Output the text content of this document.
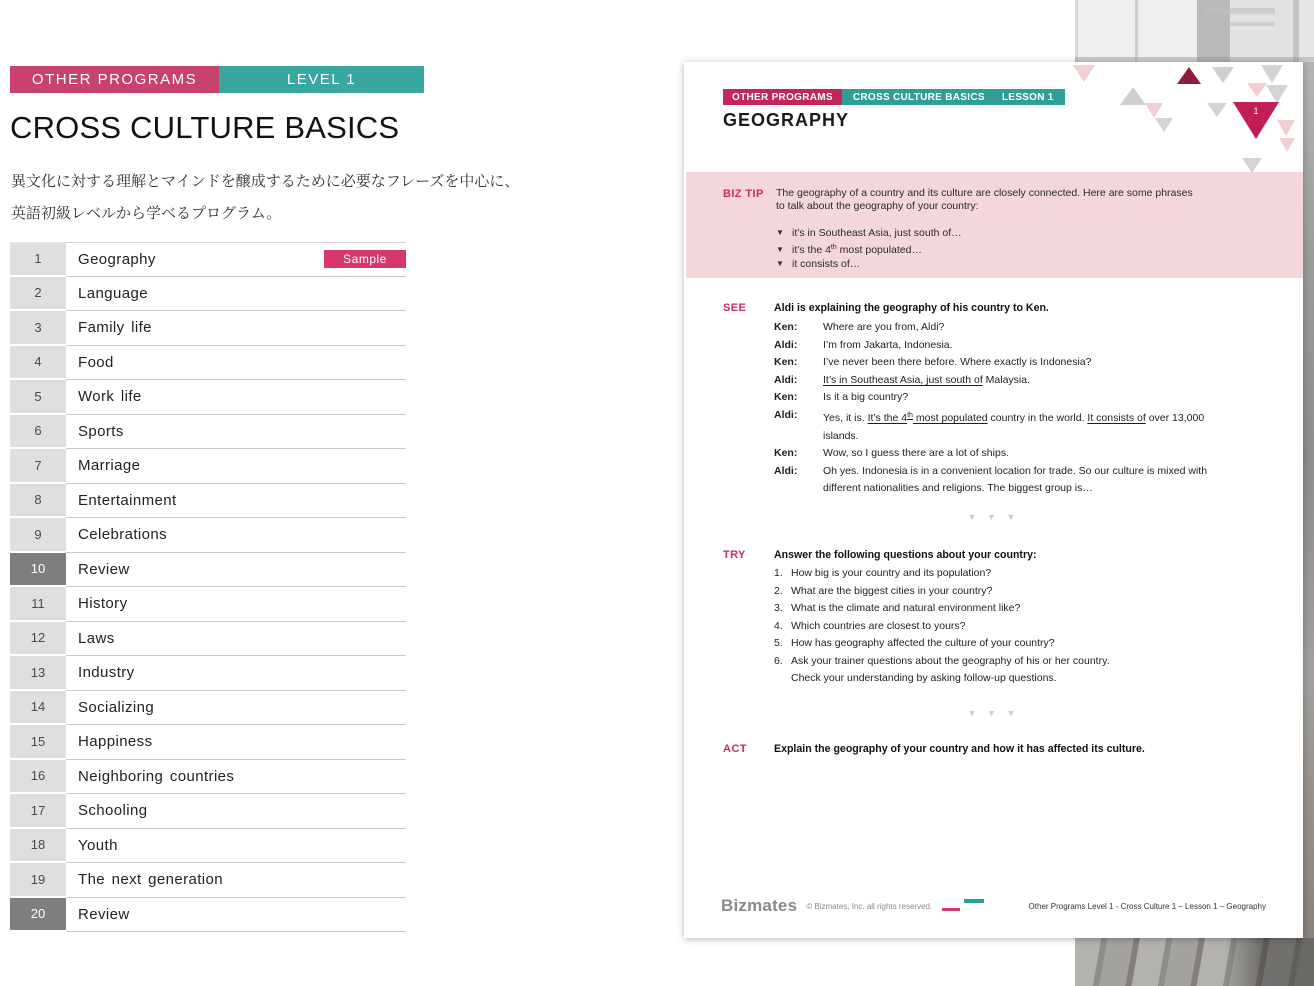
OTHER PROGRAMS	LEVEL 1
CROSS CULTURE BASICS
異文化に対する理解とマインドを醸成するために必要なフレーズを中心に、
英語初級レベルから学べるプログラム。
1	Geography	Sample
2	Language
3	Family life
4	Food
5	Work life
6	Sports
7	Marriage
8	Entertainment
9	Celebrations
10	Review
11	History
12	Laws
13	Industry
14	Socializing
15	Happiness
16	Neighboring countries
17	Schooling
18	Youth
19	The next generation
20	Review
1
OTHER PROGRAMS	CROSS CULTURE BASICS LESSON 1
GEOGRAPHY
BIZ TIP The geography of a country and its culture are closely connected. Here are some phrases
to talk about the geography of your country:
▼ it’s in Southeast Asia, just south of…
▼ it’s the 4th most populated…
▼ it consists of…
SEE	Aldi is explaining the geography of his country to Ken.
Ken:	Where are you from, Aldi?
Aldi:	I’m from Jakarta, Indonesia.
Ken:	I’ve never been there before. Where exactly is Indonesia?
Aldi:	It’s in Southeast Asia, just south of Malaysia.
Ken:	Is it a big country?
Aldi:	Yes, it is. It’s the 4th most populated country in the world. It consists of over 13,000
islands.
Ken:	Wow, so I guess there are a lot of ships.
Aldi:	Oh yes. Indonesia is in a convenient location for trade. So our culture is mixed with
different nationalities and religions. The biggest group is…
▼ ▼ ▼
TRY	Answer the following questions about your country:
1. How big is your country and its population?
2. What are the biggest cities in your country?
3. What is the climate and natural environment like?
4. Which countries are closest to yours?
5. How has geography affected the culture of your country?
6. Ask your trainer questions about the geography of his or her country.
Check your understanding by asking follow-up questions.
▼ ▼ ▼
ACT	Explain the geography of your country and how it has affected its culture.
Bizmates © Bizmates, Inc. all rights reserved.	Other Programs Level 1 - Cross Culture 1 – Lesson 1 – Geography
